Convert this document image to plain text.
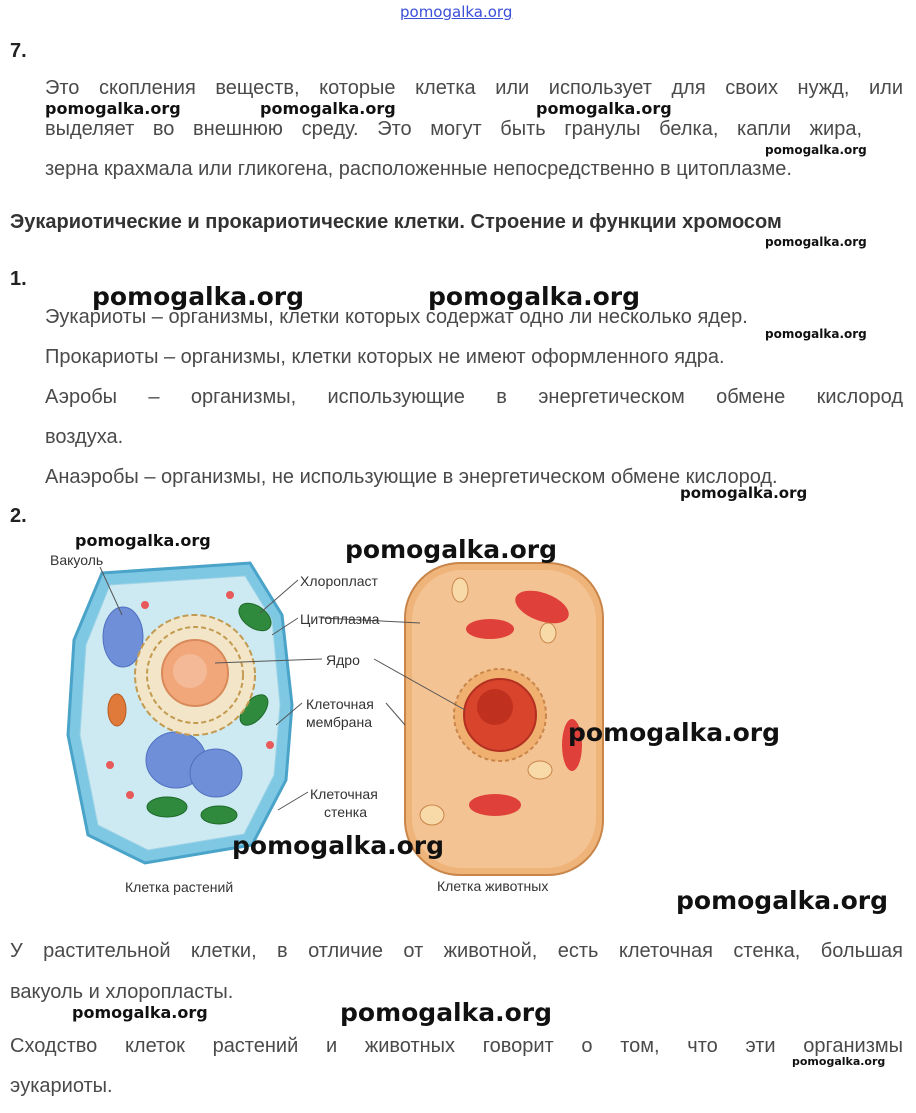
pomogalka.org
7.
Это скопления веществ, которые клетка или использует для своих нужд, или
выделяет во внешнюю среду. Это могут быть гранулы белка, капли жира,
зерна крахмала или гликогена, расположенные непосредственно в цитоплазме.
Эукариотические и прокариотические клетки. Строение и функции хромосом
1.
Эукариоты – организмы, клетки которых содержат одно ли несколько ядер.
Прокариоты – организмы, клетки которых не имеют оформленного ядра.
Аэробы – организмы, использующие в энергетическом обмене кислород
воздуха.
Анаэробы – организмы, не использующие в энергетическом обмене кислород.
2.
Вакуоль
Хлоропласт
Цитоплазма
Ядро
Клеточная
мембрана
Клеточная
стенка
Клетка растений	Клетка животных
У растительной клетки, в отличие от животной, есть клеточная стенка, большая
вакуоль и хлоропласты.
Сходство клеток растений и животных говорит о том, что эти организмы
эукариоты.
pomogalka.org	pomogalka.org	pomogalka.org
pomogalka.org
pomogalka.org
pomogalka.org	pomogalka.org
pomogalka.org
pomogalka.org
pomogalka.org	pomogalka.org
pomogalka.org
pomogalka.org
pomogalka.org
pomogalka.org	pomogalka.org
pomogalka.org
